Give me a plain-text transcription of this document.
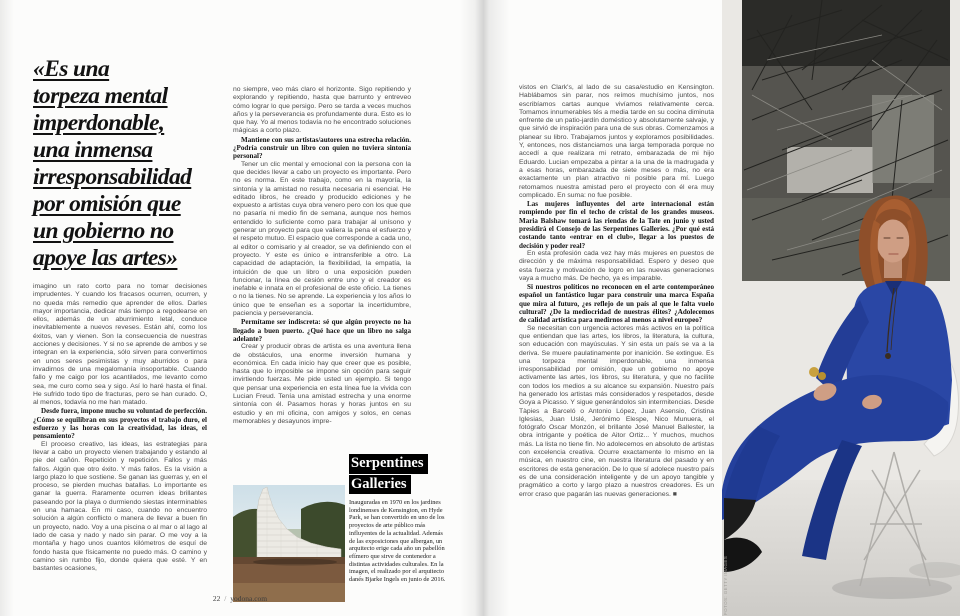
«Es una
torpeza mental
imperdonable,
una inmensa
irresponsabilidad
por omisión que
un gobierno no
apoye las artes»
imagino un rato corto para no tomar decisiones imprudentes. Y cuando los fracasos ocurren, ocurren, y no queda más remedio que aprender de ellos. Darles mayor importancia, dedicar más tiempo a regodearse en ellos, además de un aburrimiento letal, conduce inevitablemente a nuevos reveses. Están ahí, como los éxitos, van y vienen. Son la consecuencia de nuestras acciones y decisiones. Y si no se aprende de ambos y se integran en la experiencia, sólo sirven para convertirnos en unos seres pesimistas y muy aburridos o para invadirnos de una megalomanía insoportable. Cuando fallo y me caigo por los acantilados, me levanto como sea, me curo como sea y sigo. Así lo haré hasta el final. He sufrido todo tipo de fracturas, pero se han curado. O, al menos, todavía no me han matado.
Desde fuera, impone mucho su voluntad de perfección. ¿Cómo se equilibran en sus proyectos el trabajo duro, el esfuerzo y las horas con la creatividad, las ideas, el pensamiento?
El proceso creativo, las ideas, las estrategias para llevar a cabo un proyecto vienen trabajando y estando al pie del cañón. Repetición y repetición. Fallos y más fallos. Algún que otro éxito. Y más fallos. Es la visión a largo plazo lo que sostiene. Se ganan las guerras y, en el proceso, se pierden muchas batallas. Lo importante es ganar la guerra. Raramente ocurren ideas brillantes paseando por la playa o durmiendo siestas interminables en una hamaca. En mi caso, cuando no encuentro solución a algún conflicto o manera de llevar a buen fin un proyecto, nado. Voy a una piscina o al mar o al lago al lado de casa y nado y nado sin parar. O me voy a la montaña y hago unos cuantos kilómetros de esquí de fondo hasta que físicamente no puedo más. O camino y camino sin rumbo fijo, donde quiera que esté. Y en bastantes ocasiones,
no siempre, veo más claro el horizonte. Sigo repitiendo y explorando y repitiendo, hasta que barrunto y entreveo cómo lograr lo que persigo. Pero se tarda a veces muchos años y la perseverancia es profundamente dura. Esto es lo que hay. Yo al menos todavía no he encontrado soluciones mágicas a corto plazo.
Mantiene con sus artistas/autores una estrecha relación. ¿Podría construir un libro con quien no tuviera sintonía personal?
Tener un clic mental y emocional con la persona con la que decides llevar a cabo un proyecto es importante. Pero no es norma. En este trabajo, como en la mayoría, la sintonía y la amistad no resulta necesaria ni esencial. He editado libros, he creado y producido ediciones y he expuesto a artistas cuya obra venero pero con los que que no pasaría ni medio fin de semana, aunque nos hemos entendido lo suficiente como para trabajar al unísono y generar un proyecto para que valiera la pena el esfuerzo y el respeto mutuo. El espacio que corresponde a cada uno, al editor o comisario y al creador, se va definiendo con el proyecto. Y este es único e intransferible a otro. La capacidad de adaptación, la flexibilidad, la empatía, la intuición de que un libro o una exposición pueden funcionar, la línea de cesión entre uno y el creador es inefable e innata en el profesional de este oficio. La tienes o no la tienes. No se aprende. La experiencia y los años lo único que te enseñan es a soportar la incertidumbre, paciencia y perseverancia.
Permítame ser indiscreta: sé que algún proyecto no ha llegado a buen puerto. ¿Qué hace que un libro no salga adelante?
Crear y producir obras de artista es una aventura llena de obstáculos, una enorme inversión humana y económica. En cada inicio hay que creer que es posible, hasta que lo imposible se impone sin opción para seguir invirtiendo fuerzas. Me pide usted un ejemplo. Si tengo que pensar una experiencia en esta línea fue la vivida con Lucian Freud. Tenía una amistad estrecha y una enorme sintonía con él. Pasamos horas y horas juntos en su estudio y en mi oficina, con amigos y solos, en cenas memorables y desayunos impre-
Serpentines
Galleries
Inauguradas en 1970 en los jardines londinenses de Kensington, en Hyde Park, se han convertido en uno de los proyectos de arte público más influyentes de la actualidad. Además de las exposiciones que albergan, un arquitecto erige cada año un pabellón efímero que sirve de contenedor a distintas actividades culturales. En la imagen, el realizado por el arquitecto danés Bjarke Ingels en junio de 2016.
22 / yodona.com
vistos en Clark's, al lado de su casa/estudio en Kensington. Hablábamos sin parar, nos reímos muchísimo juntos, nos escribíamos cartas aunque vivíamos relativamente cerca. Tomamos innumerables tés a media tarde en su cocina diminuta enfrente de un patio-jardín doméstico y absolutamente salvaje, y que sirvió de inspiración para una de sus obras. Comenzamos a planear su libro. Trabajamos juntos y exploramos posibilidades. Y, entonces, nos distanciamos una larga temporada porque no accedí a que realizara mi retrato, embarazada de mi hijo Eduardo. Lucian empezaba a pintar a la una de la madrugada y a esas horas, embarazada de siete meses o más, no era exactamente un plan atractivo ni posible para mí. Luego retomamos nuestra amistad pero el proyecto con él era muy complicado. En suma: no fue posible.
Las mujeres influyentes del arte internacional están rompiendo por fin el techo de cristal de los grandes museos. Maria Balshaw tomará las riendas de la Tate en junio y usted presidirá el Consejo de las Serpentines Galleries. ¿Por qué está costando tanto «entrar en el club», llegar a los puestos de decisión y poder real?
En esta profesión cada vez hay más mujeres en puestos de dirección y de máxima responsabilidad. Espero y deseo que esta fuerza y motivación de logro en las nuevas generaciones vaya a mucho más. De hecho, ya es imparable.
Si nuestros políticos no reconocen en el arte contemporáneo español un fantástico lugar para construir una marca España que mira al futuro, ¿es reflejo de un país al que le falta vuelo cultural? ¿De la mediocridad de nuestras élites? ¿Adolecemos de calidad artística para medirnos al menos a nivel europeo?
Se necesitan con urgencia actores más activos en la política que entiendan que las artes, los libros, la literatura, la cultura, son educación con mayúsculas. Y sin esta un país se va a la deriva. Se muere paulatinamente por inanición. Se extingue. Es una torpeza mental imperdonable, una inmensa irresponsabilidad por omisión, que un gobierno no apoye activamente las artes, los libros, su literatura, y que no facilite con todos los medios a su alcance su expansión. Nuestro país ha generado los artistas más considerados y respetados, desde Goya a Picasso. Y sigue generándolos sin intermitencias. Desde Tàpies a Barceló o Antonio López, Juan Asensio, Cristina Iglesias, Juan Uslé, Jerónimo Elespe, Nico Munuera, el fotógrafo Oscar Monzón, el brillante José Manuel Ballester, la obra intrigante y poética de Aitor Ortiz... Y muchos, muchos más. La lista no tiene fin. No adolecemos en absoluto de artistas con excelencia creativa. Ocurre exactamente lo mismo en la música, en nuestro cine, en nuestra literatura del pasado y en escritores de esta generación. De lo que sí adolece nuestro país es de una consideración inteligente y de un apoyo tangible y pragmático a corto y largo plazo a nuestros creadores. Es un error craso que pagarán las nuevas generaciones. ■
FOTOS: GETTY IMAGES
